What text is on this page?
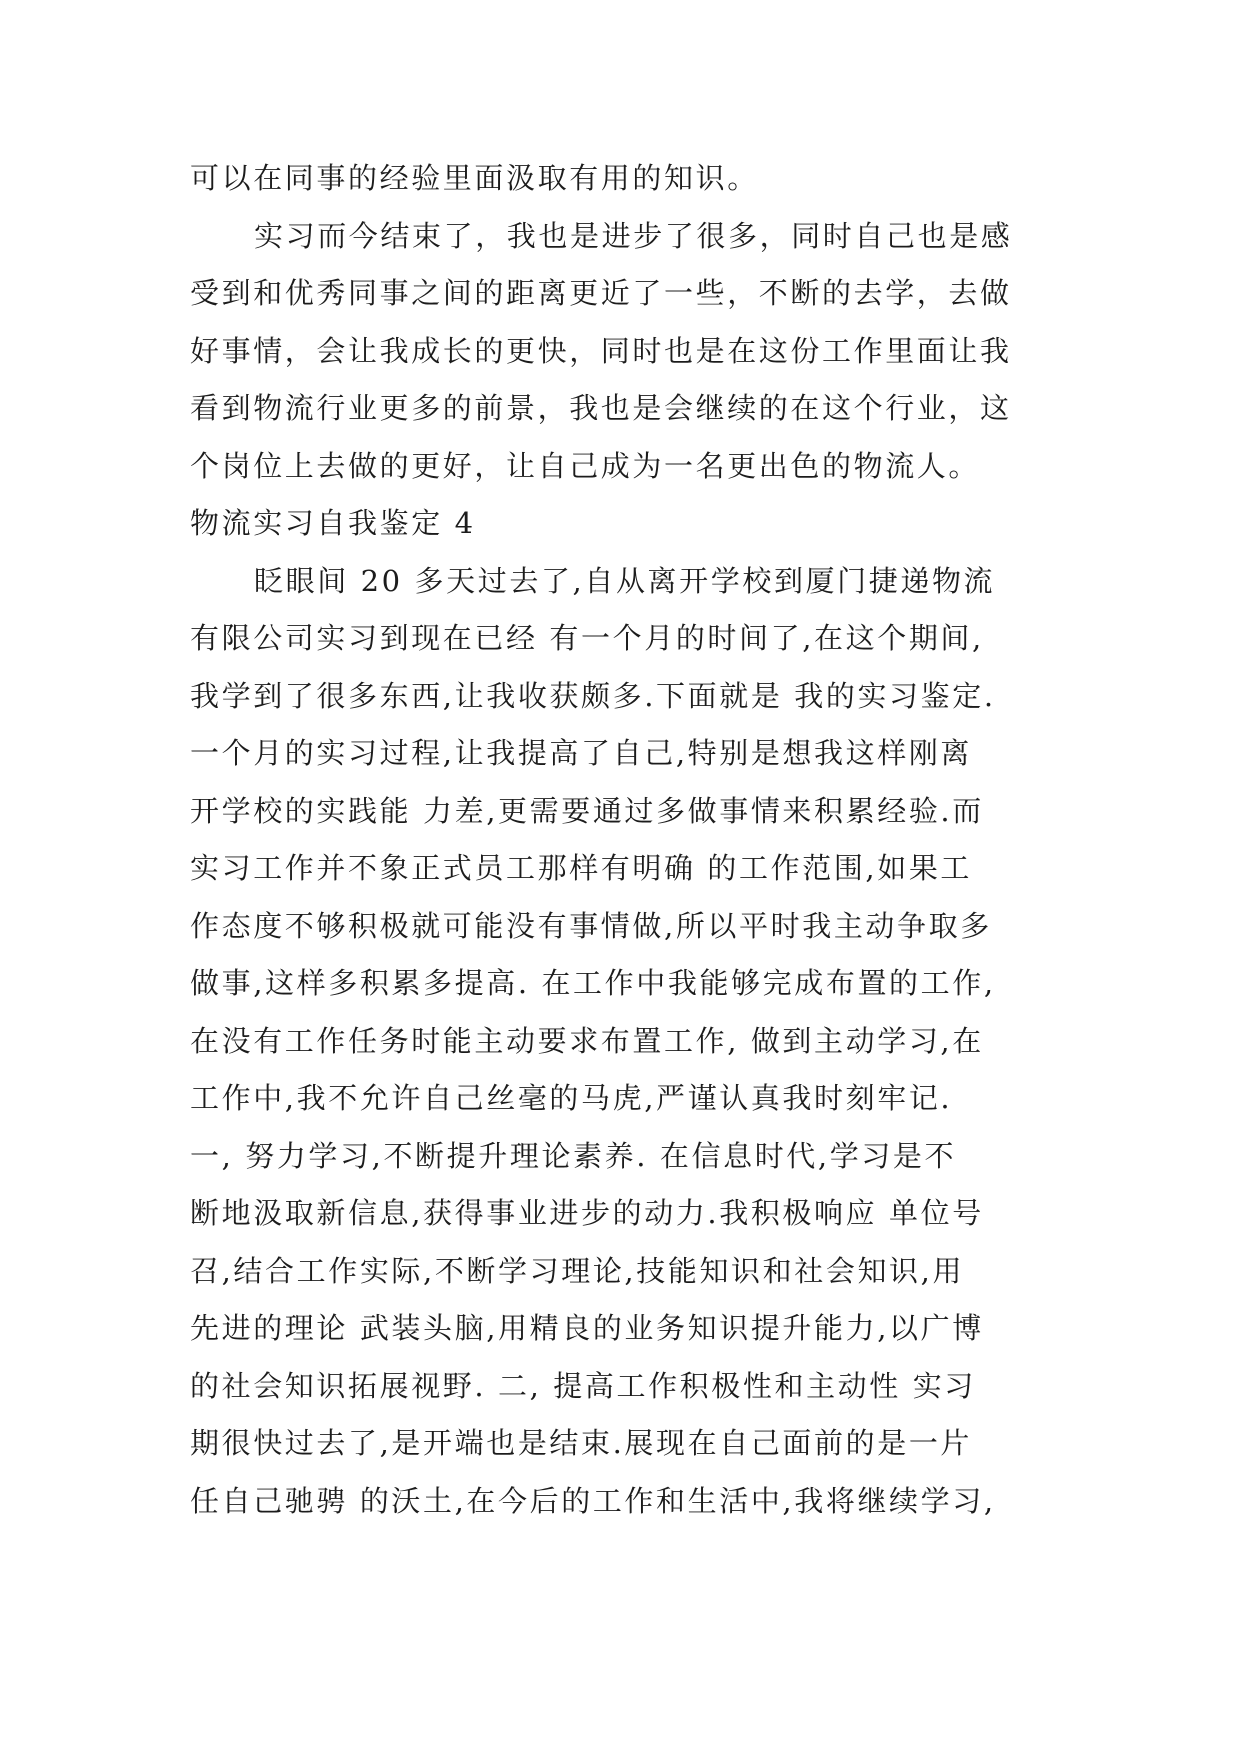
可以在同事的经验里面汲取有用的知识。
实习而今结束了，我也是进步了很多，同时自己也是感
受到和优秀同事之间的距离更近了一些，不断的去学，去做
好事情，会让我成长的更快，同时也是在这份工作里面让我
看到物流行业更多的前景，我也是会继续的在这个行业，这
个岗位上去做的更好，让自己成为一名更出色的物流人。
物流实习自我鉴定 4
眨眼间 20 多天过去了,自从离开学校到厦门捷递物流
有限公司实习到现在已经 有一个月的时间了,在这个期间,
我学到了很多东西,让我收获颇多.下面就是 我的实习鉴定.
一个月的实习过程,让我提高了自己,特别是想我这样刚离
开学校的实践能 力差,更需要通过多做事情来积累经验.而
实习工作并不象正式员工那样有明确 的工作范围,如果工
作态度不够积极就可能没有事情做,所以平时我主动争取多
做事,这样多积累多提高. 在工作中我能够完成布置的工作,
在没有工作任务时能主动要求布置工作, 做到主动学习,在
工作中,我不允许自己丝毫的马虎,严谨认真我时刻牢记.
一, 努力学习,不断提升理论素养. 在信息时代,学习是不
断地汲取新信息,获得事业进步的动力.我积极响应 单位号
召,结合工作实际,不断学习理论,技能知识和社会知识,用
先进的理论 武装头脑,用精良的业务知识提升能力,以广博
的社会知识拓展视野. 二, 提高工作积极性和主动性 实习
期很快过去了,是开端也是结束.展现在自己面前的是一片
任自己驰骋 的沃土,在今后的工作和生活中,我将继续学习,
